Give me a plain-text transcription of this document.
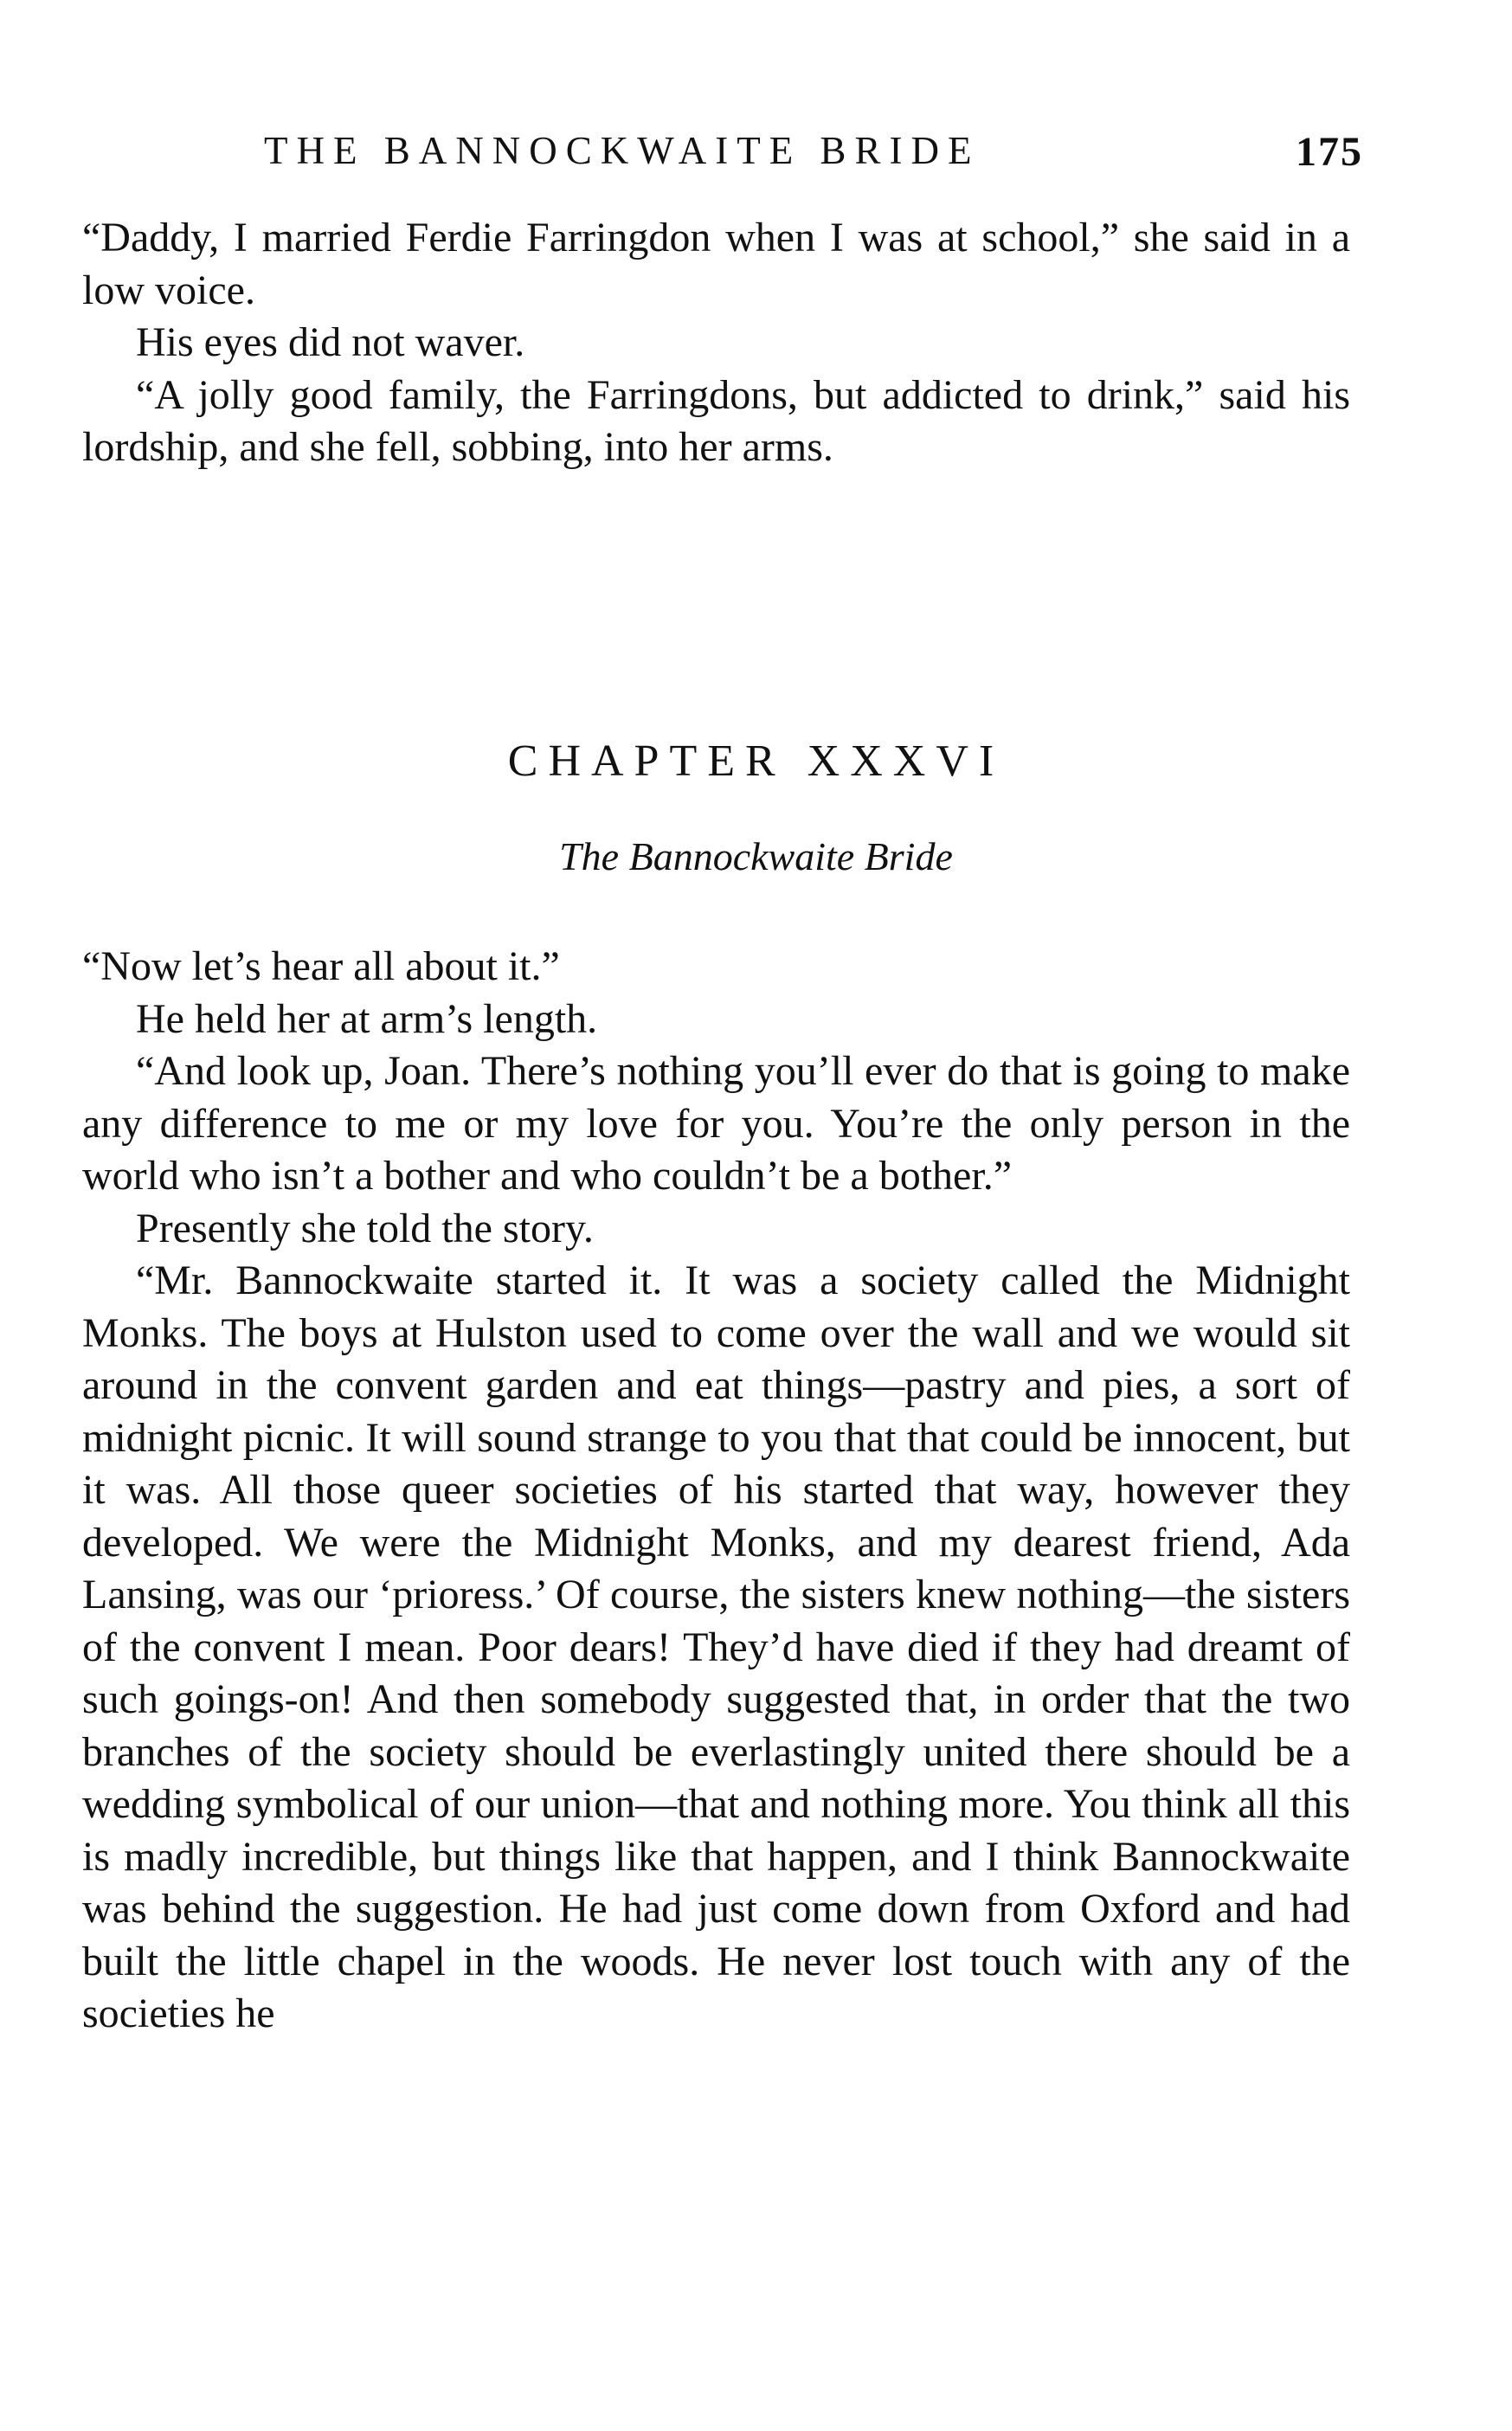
THE BANNOCKWAITE BRIDE	175

“Daddy, I married Ferdie Farringdon when I was at school,” she said in a low voice.

His eyes did not waver.

“A jolly good family, the Farringdons, but addicted to drink,” said his lordship, and she fell, sobbing, into her arms.

CHAPTER XXXVI
The Bannockwaite Bride

“Now let’s hear all about it.”

He held her at arm’s length.

“And look up, Joan. There’s nothing you’ll ever do that is going to make any difference to me or my love for you. You’re the only person in the world who isn’t a bother and who couldn’t be a bother.”

Presently she told the story.

“Mr. Bannockwaite started it. It was a society called the Midnight Monks. The boys at Hulston used to come over the wall and we would sit around in the convent garden and eat things—pastry and pies, a sort of midnight picnic. It will sound strange to you that that could be innocent, but it was. All those queer societies of his started that way, however they developed. We were the Midnight Monks, and my dearest friend, Ada Lansing, was our ‘prioress.’ Of course, the sisters knew nothing—the sisters of the convent I mean. Poor dears! They’d have died if they had dreamt of such goings-on! And then somebody suggested that, in order that the two branches of the society should be everlastingly united there should be a wedding symbolical of our union—that and nothing more. You think all this is madly incredible, but things like that happen, and I think Bannockwaite was behind the suggestion. He had just come down from Oxford and had built the little chapel in the woods. He never lost touch with any of the societies he
